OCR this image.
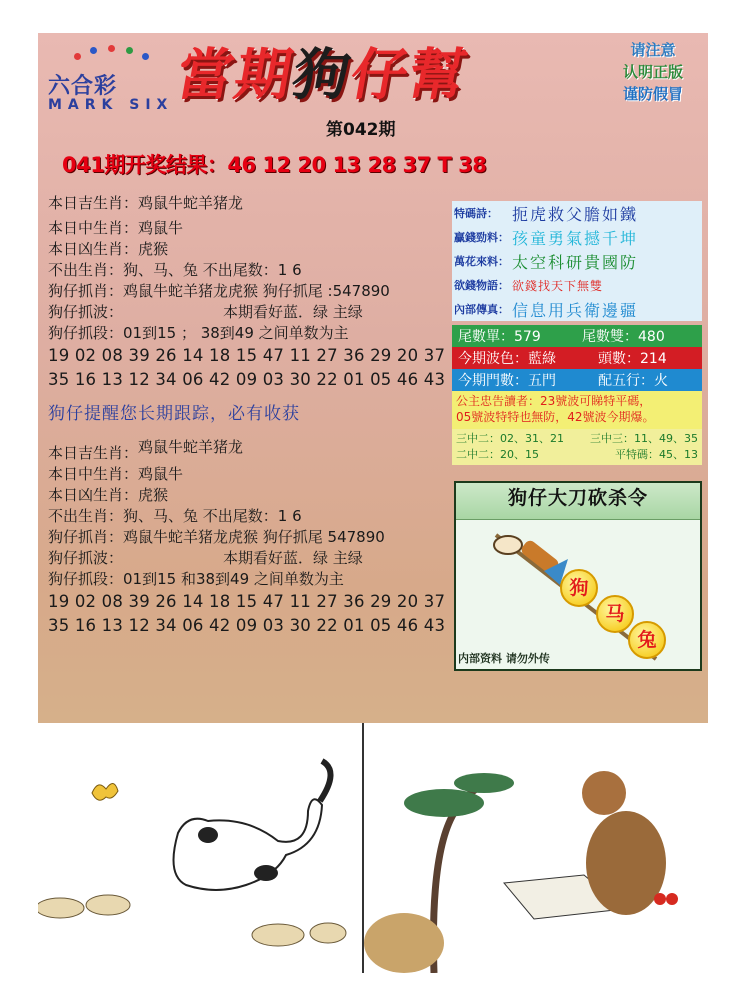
六合彩
MARK SIX
當期狗仔幫	请注意
认明正版
谨防假冒
第042期
041期开奖结果：46 12 20 13 28 37 T 38
本日吉生肖：鸡鼠牛蛇羊猪龙
本日中生肖：鸡鼠牛
本日凶生肖：虎猴
不出生肖：狗、马、兔 不出尾数：1 6
狗仔抓肖：鸡鼠牛蛇羊猪龙虎猴 狗仔抓尾 :547890
狗仔抓波：	本期看好蓝．绿 主绿
狗仔抓段：01到15 ； 38到49 之间单数为主
19 02 08 39 26 14 18 15 47 11 27 36 29 20 37
35 16 13 12 34 06 42 09 03 30 22 01 05 46 43
狗仔提醒您长期跟踪，必有收获
本日吉生肖：鸡鼠牛蛇羊猪龙
本日中生肖：鸡鼠牛
本日凶生肖：虎猴
不出生肖：狗、马、兔 不出尾数：1 6
狗仔抓肖：鸡鼠牛蛇羊猪龙虎猴 狗仔抓尾 547890
狗仔抓波：	本期看好蓝．绿 主绿
狗仔抓段：01到15 和38到49 之间单数为主
19 02 08 39 26 14 18 15 47 11 27 36 29 20 37
35 16 13 12 34 06 42 09 03 30 22 01 05 46 43
特碼詩： 扼虎救父膽如鐵
贏錢勁料： 孩童勇氣撼千坤
萬花來料： 太空科研貴國防
欲錢物語： 欲錢找天下無雙
內部傳真： 信息用兵衛邊疆
尾數單：579	尾數雙：480
今期波色：藍綠	頭數：214
今期門數：五門	配五行：火
公主忠告讀者：23號波可睇特平碼，
05號波特特也無防，42號波今期爆。
三中二：02、31、21 三中三：11、49、35
二中二：20、15	平特碼：45、13
狗仔大刀砍杀令
狗
马
兔
内部资料 请勿外传
